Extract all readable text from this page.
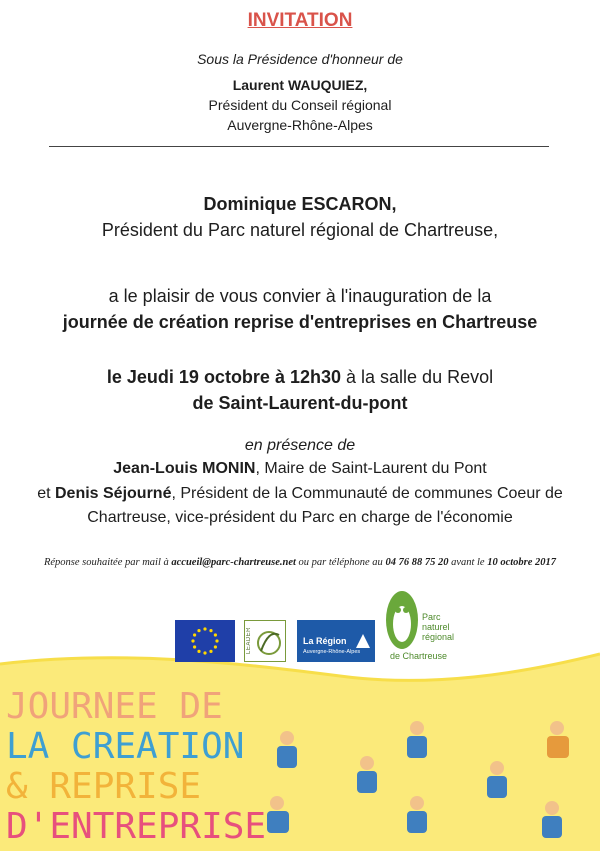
INVITATION
Sous la Présidence d'honneur de
Laurent WAUQUIEZ,
Président du Conseil régional
Auvergne-Rhône-Alpes
Dominique ESCARON,
Président du Parc naturel régional de Chartreuse,
a le plaisir de vous convier à l'inauguration de la
journée de création reprise d'entreprises en Chartreuse
le Jeudi 19 octobre à 12h30 à la salle du Revol
de Saint-Laurent-du-pont
en présence de
Jean-Louis MONIN, Maire de Saint-Laurent du Pont
et Denis Séjourné, Président de la Communauté de communes Coeur de
Chartreuse, vice-président du Parc en charge de l'économie
Réponse souhaitée par mail à accueil@parc-chartreuse.net ou par téléphone au 04 76 88 75 20 avant le 10 octobre 2017
LEADER	La Région
Auvergne-Rhône-Alpes
Parc
naturel
régional
de Chartreuse
JOURNEE DE
LA CREATION
& REPRISE
D'ENTREPRISE
